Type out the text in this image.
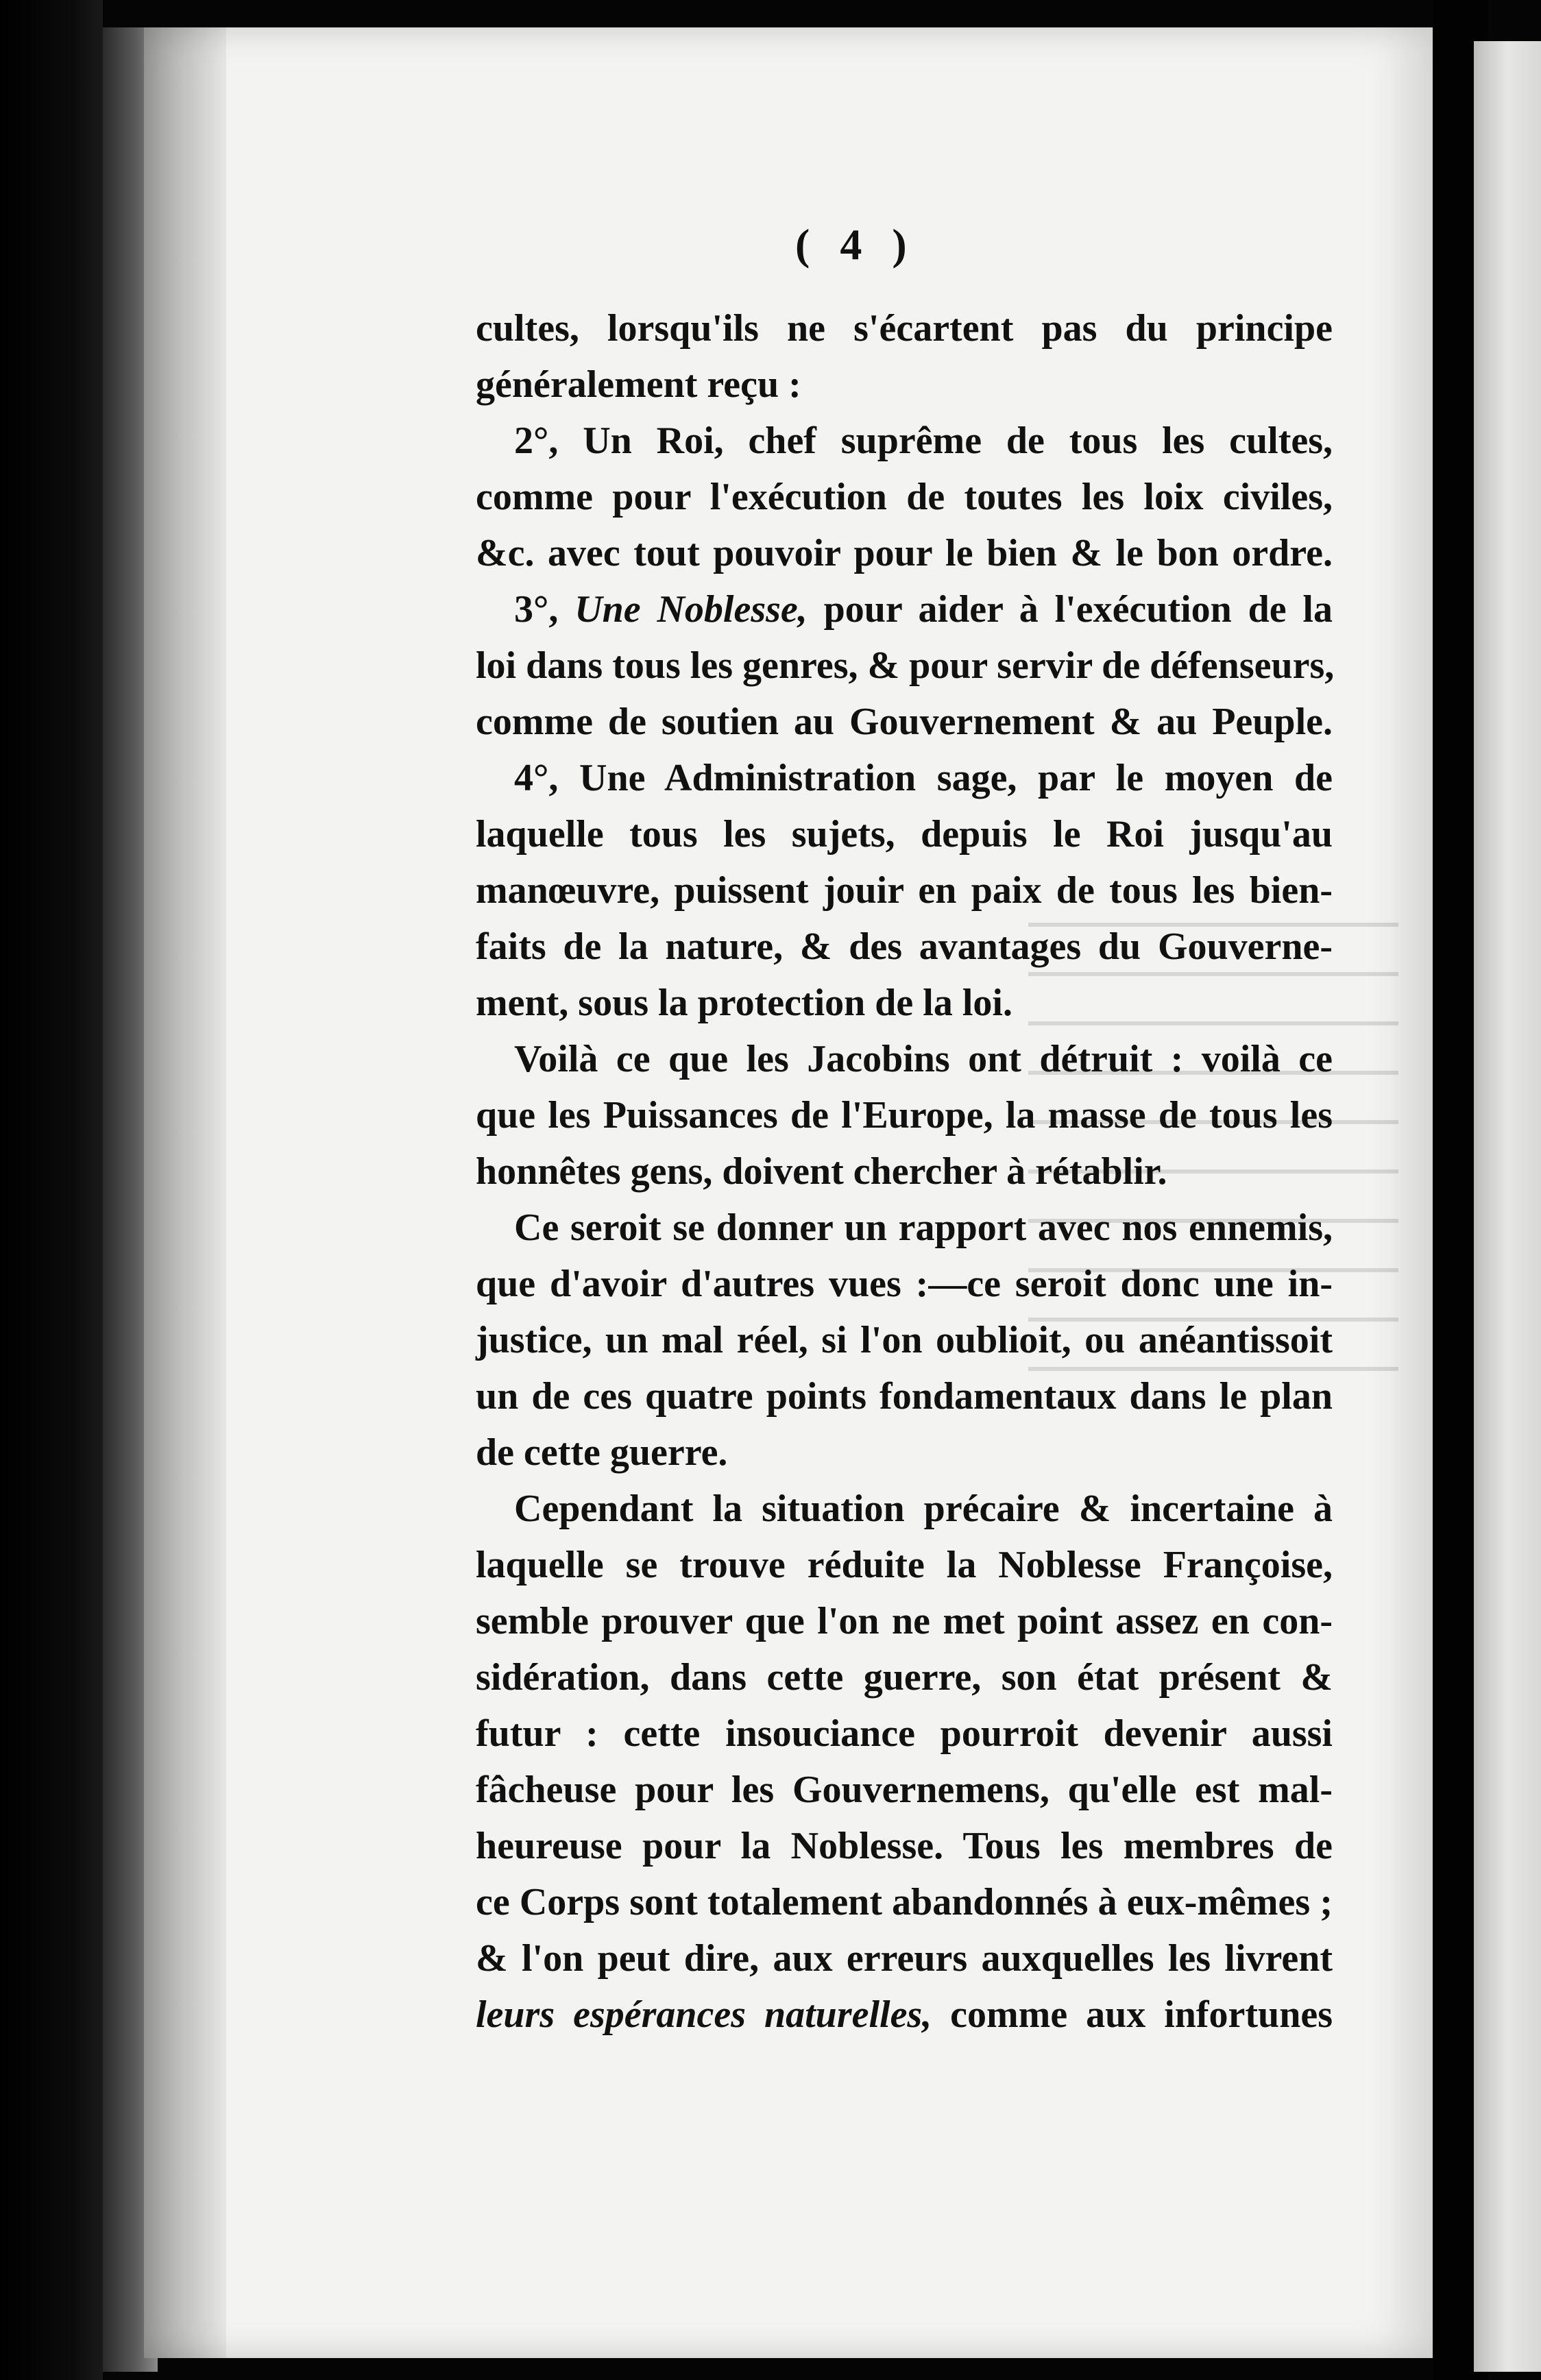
( 4 )
cultes, lorsqu'ils ne s'écartent pas du principe
généralement reçu :
2°, Un Roi, chef suprême de tous les cultes,
comme pour l'exécution de toutes les loix civiles,
&c. avec tout pouvoir pour le bien & le bon ordre.
3°, Une Noblesse, pour aider à l'exécution de la
loi dans tous les genres, & pour servir de défenseurs,
comme de soutien au Gouvernement & au Peuple.
4°, Une Administration sage, par le moyen de
laquelle tous les sujets, depuis le Roi jusqu'au
manœuvre, puissent jouir en paix de tous les bien-
faits de la nature, & des avantages du Gouverne-
ment, sous la protection de la loi.
Voilà ce que les Jacobins ont détruit : voilà ce
que les Puissances de l'Europe, la masse de tous les
honnêtes gens, doivent chercher à rétablir.
Ce seroit se donner un rapport avec nos ennemis,
que d'avoir d'autres vues :—ce seroit donc une in-
justice, un mal réel, si l'on oublioit, ou anéantissoit
un de ces quatre points fondamentaux dans le plan
de cette guerre.
Cependant la situation précaire & incertaine à
laquelle se trouve réduite la Noblesse Françoise,
semble prouver que l'on ne met point assez en con-
sidération, dans cette guerre, son état présent &
futur : cette insouciance pourroit devenir aussi
fâcheuse pour les Gouvernemens, qu'elle est mal-
heureuse pour la Noblesse. Tous les membres de
ce Corps sont totalement abandonnés à eux-mêmes ;
& l'on peut dire, aux erreurs auxquelles les livrent
leurs espérances naturelles, comme aux infortunes
